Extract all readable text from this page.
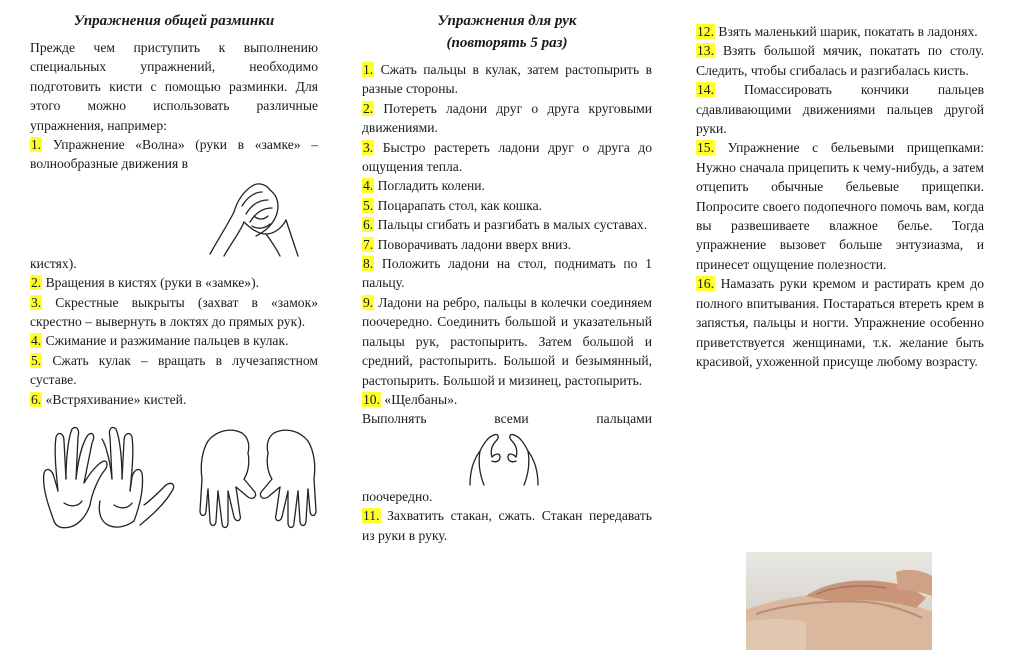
Упражнения общей разминки

Прежде чем приступить к выполнению специальных упражнений, необходимо подготовить кисти с помощью разминки. Для этого можно использовать различные упражнения, например:

1. Упражнение «Волна» (руки в «замке» – волнообразные движения в

кистях).

2. Вращения в кистях (руки в «замке»).

3. Скрестные выкрыты (захват в «замок» скрестно – вывернуть в локтях до прямых рук).

4. Сжимание и разжимание пальцев в кулак.

5. Сжать кулак – вращать в лучезапястном суставе.

6. «Встряхивание» кистей.

Упражнения для рук
(повторять 5 раз)

1. Сжать пальцы в кулак, затем растопырить в разные стороны.

2. Потереть ладони друг о друга круговыми движениями.

3. Быстро растереть ладони друг о друга до ощущения тепла.

4. Погладить колени.

5. Поцарапать стол, как кошка.

6. Пальцы сгибать и разгибать в малых суставах.

7. Поворачивать ладони вверх вниз.

8. Положить ладони на стол, поднимать по 1 пальцу.

9. Ладони на ребро, пальцы в колечки соединяем поочередно. Соединить большой и указательный пальцы рук, растопырить. Затем большой и средний, растопырить. Большой и безымянный, растопырить. Большой и мизинец, растопырить.

10. «Щелбаны».

Выполнять всеми пальцами

поочередно.

11. Захватить стакан, сжать. Стакан передавать из руки в руку.

12. Взять маленький шарик, покатать в ладонях.

13. Взять большой мячик, покатать по столу. Следить, чтобы сгибалась и разгибалась кисть.

14. Помассировать кончики пальцев сдавливающими движениями пальцев другой руки.

15. Упражнение с бельевыми прищепками: Нужно сначала прицепить к чему-нибудь, а затем отцепить обычные бельевые прищепки. Попросите своего подопечного помочь вам, когда вы развешиваете влажное белье. Тогда упражнение вызовет больше энтузиазма, и принесет ощущение полезности.

16. Намазать руки кремом и растирать крем до полного впитывания. Постараться втереть крем в запястья, пальцы и ногти. Упражнение особенно приветствуется женщинами, т.к. желание быть красивой, ухоженной присуще любому возрасту.
